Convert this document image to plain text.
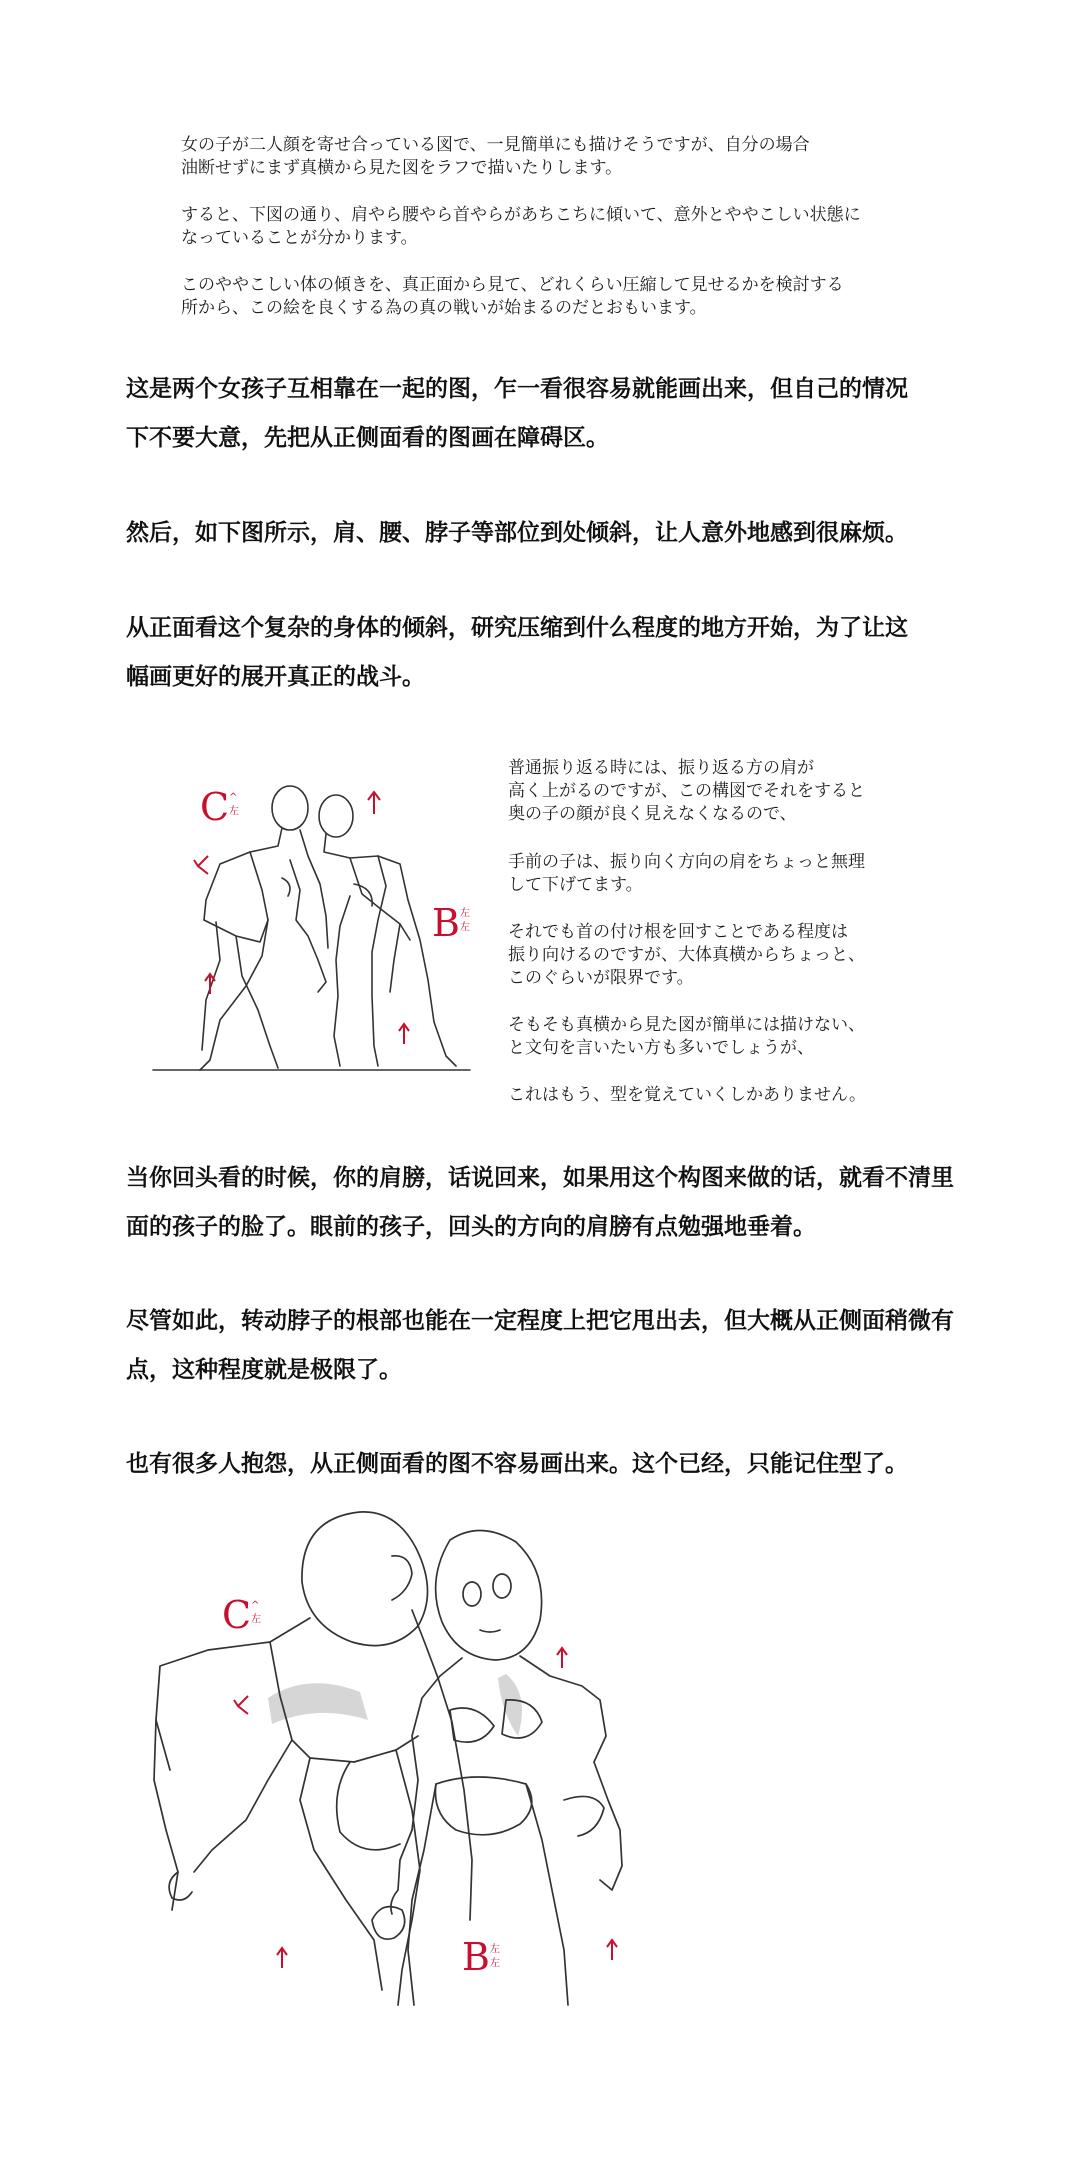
女の子が二人顔を寄せ合っている図で、一見簡単にも描けそうですが、自分の場合
油断せずにまず真横から見た図をラフで描いたりします。
すると、下図の通り、肩やら腰やら首やらがあちこちに傾いて、意外とややこしい状態に
なっていることが分かります。
このややこしい体の傾きを、真正面から見て、どれくらい圧縮して見せるかを検討する
所から、この絵を良くする為の真の戦いが始まるのだとおもいます。
这是两个女孩子互相靠在一起的图，乍一看很容易就能画出来，但自己的情况
下不要大意，先把从正侧面看的图画在障碍区。
然后，如下图所示，肩、腰、脖子等部位到处倾斜，让人意外地感到很麻烦。
从正面看这个复杂的身体的倾斜，研究压缩到什么程度的地方开始，为了让这
幅画更好的展开真正的战斗。
C ^
左
B 左
左
普通振り返る時には、振り返る方の肩が
高く上がるのですが、この構図でそれをすると
奥の子の顔が良く見えなくなるので、
手前の子は、振り向く方向の肩をちょっと無理
して下げてます。
それでも首の付け根を回すことである程度は
振り向けるのですが、大体真横からちょっと、
このぐらいが限界です。
そもそも真横から見た図が簡単には描けない、
と文句を言いたい方も多いでしょうが、
これはもう、型を覚えていくしかありません。
当你回头看的时候，你的肩膀，话说回来，如果用这个构图来做的话，就看不清里
面的孩子的脸了。眼前的孩子，回头的方向的肩膀有点勉强地垂着。
尽管如此，转动脖子的根部也能在一定程度上把它甩出去，但大概从正侧面稍微有
点，这种程度就是极限了。
也有很多人抱怨，从正侧面看的图不容易画出来。这个已经，只能记住型了。
C ^
左
B 左
左
